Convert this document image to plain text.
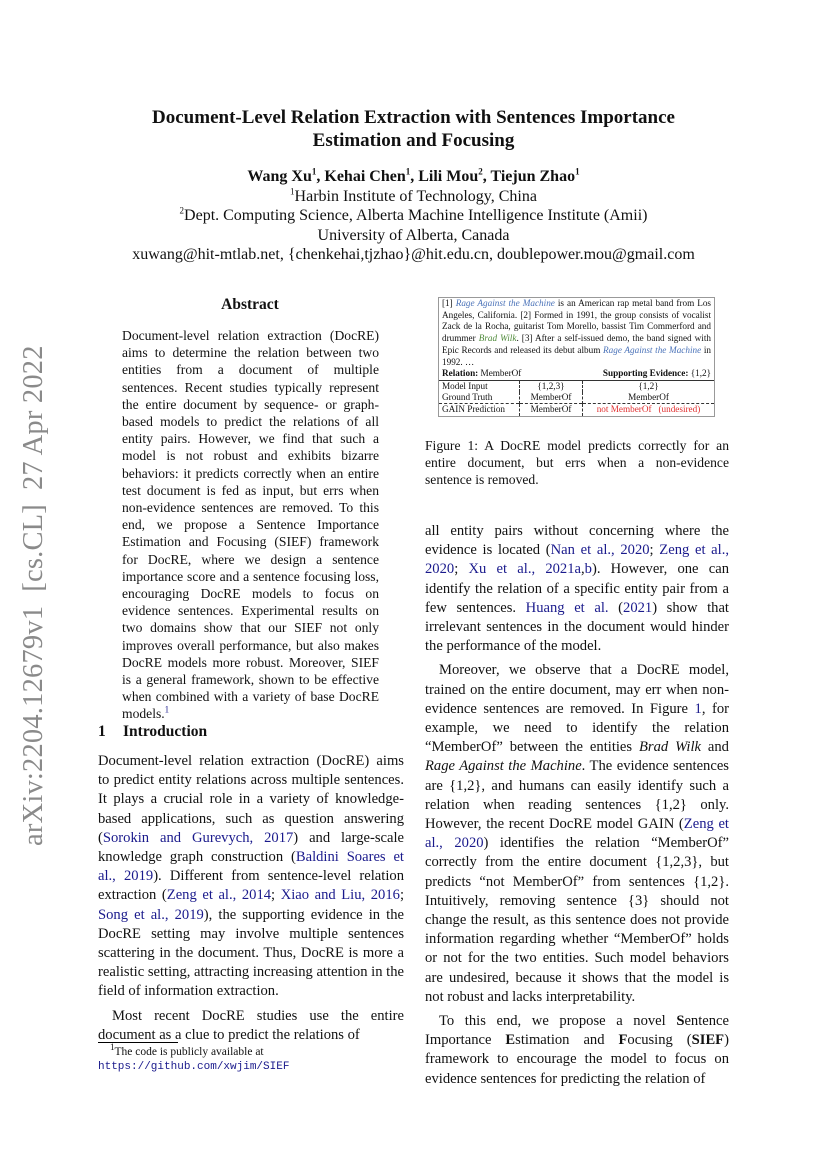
arXiv:2204.12679v1[cs.CL]27 Apr 2022
Document-Level Relation Extraction with Sentences Importance
Estimation and Focusing
Wang Xu$^1$, Kehai Chen$^1$, Lili Mou$^2$, Tiejun Zhao$^1$
$^1$Harbin Institute of Technology, China
$^2$Dept. Computing Science, Alberta Machine Intelligence Institute (Amii)
University of Alberta, Canada
xuwang@hit-mtlab.net, {chenkehai,tjzhao}@hit.edu.cn, doublepower.mou@gmail.com
Abstract
Document-level relation extraction (DocRE) aims to determine the relation between two entities from a document of multiple sentences. Recent studies typically represent the entire document by sequence- or graph-based models to predict the relations of all entity pairs. However, we find that such a model is not robust and exhibits bizarre behaviors: it predicts correctly when an entire test document is fed as input, but errs when non-evidence sentences are removed. To this end, we propose a Sentence Importance Estimation and Focusing (SIEF) framework for DocRE, where we design a sentence importance score and a sentence focusing loss, encouraging DocRE models to focus on evidence sentences. Experimental results on two domains show that our SIEF not only improves overall performance, but also makes DocRE models more robust. Moreover, SIEF is a general framework, shown to be effective when combined with a variety of base DocRE models.$^1$
[1] Rage Against the Machine is an American rap metal band from Los Angeles, California. [2] Formed in 1991, the group consists of vocalist Zack de la Rocha, guitarist Tom Morello, bassist Tim Commerford and drummer Brad Wilk. [3] After a self-issued demo, the band signed with Epic Records and released its debut album Rage Against the Machine in 1992. …
Relation: MemberOf	Supporting Evidence: {1,2}
Model Input	{1,2,3}	{1,2}
Ground Truth	MemberOf	MemberOf
GAIN Prediction	MemberOf	not MemberOf   (undesired)
Figure 1: A DocRE model predicts correctly for an entire document, but errs when a non-evidence sentence is removed.
1 Introduction

Document-level relation extraction (DocRE) aims to predict entity relations across multiple sentences. It plays a crucial role in a variety of knowledge-based applications, such as question answering (Sorokin and Gurevych, 2017) and large-scale knowledge graph construction (Baldini Soares et al., 2019). Different from sentence-level relation extraction (Zeng et al., 2014; Xiao and Liu, 2016; Song et al., 2019), the supporting evidence in the DocRE setting may involve multiple sentences scattering in the document. Thus, DocRE is more a realistic setting, attracting increasing attention in the field of information extraction.

Most recent DocRE studies use the entire document as a clue to predict the relations of

$^1$The code is publicly available at https://github.com/xwjim/SIEF

all entity pairs without concerning where the evidence is located (Nan et al., 2020; Zeng et al., 2020; Xu et al., 2021a,b). However, one can identify the relation of a specific entity pair from a few sentences. Huang et al. (2021) show that irrelevant sentences in the document would hinder the performance of the model.

Moreover, we observe that a DocRE model, trained on the entire document, may err when non-evidence sentences are removed. In Figure 1, for example, we need to identify the relation “MemberOf” between the entities Brad Wilk and Rage Against the Machine. The evidence sentences are {1,2}, and humans can easily identify such a relation when reading sentences {1,2} only. However, the recent DocRE model GAIN (Zeng et al., 2020) identifies the relation “MemberOf” correctly from the entire document {1,2,3}, but predicts “not MemberOf” from sentences {1,2}. Intuitively, removing sentence {3} should not change the result, as this sentence does not provide information regarding whether “MemberOf” holds or not for the two entities. Such model behaviors are undesired, because it shows that the model is not robust and lacks interpretability.

To this end, we propose a novel Sentence Importance Estimation and Focusing (SIEF) framework to encourage the model to focus on evidence sentences for predicting the relation of
